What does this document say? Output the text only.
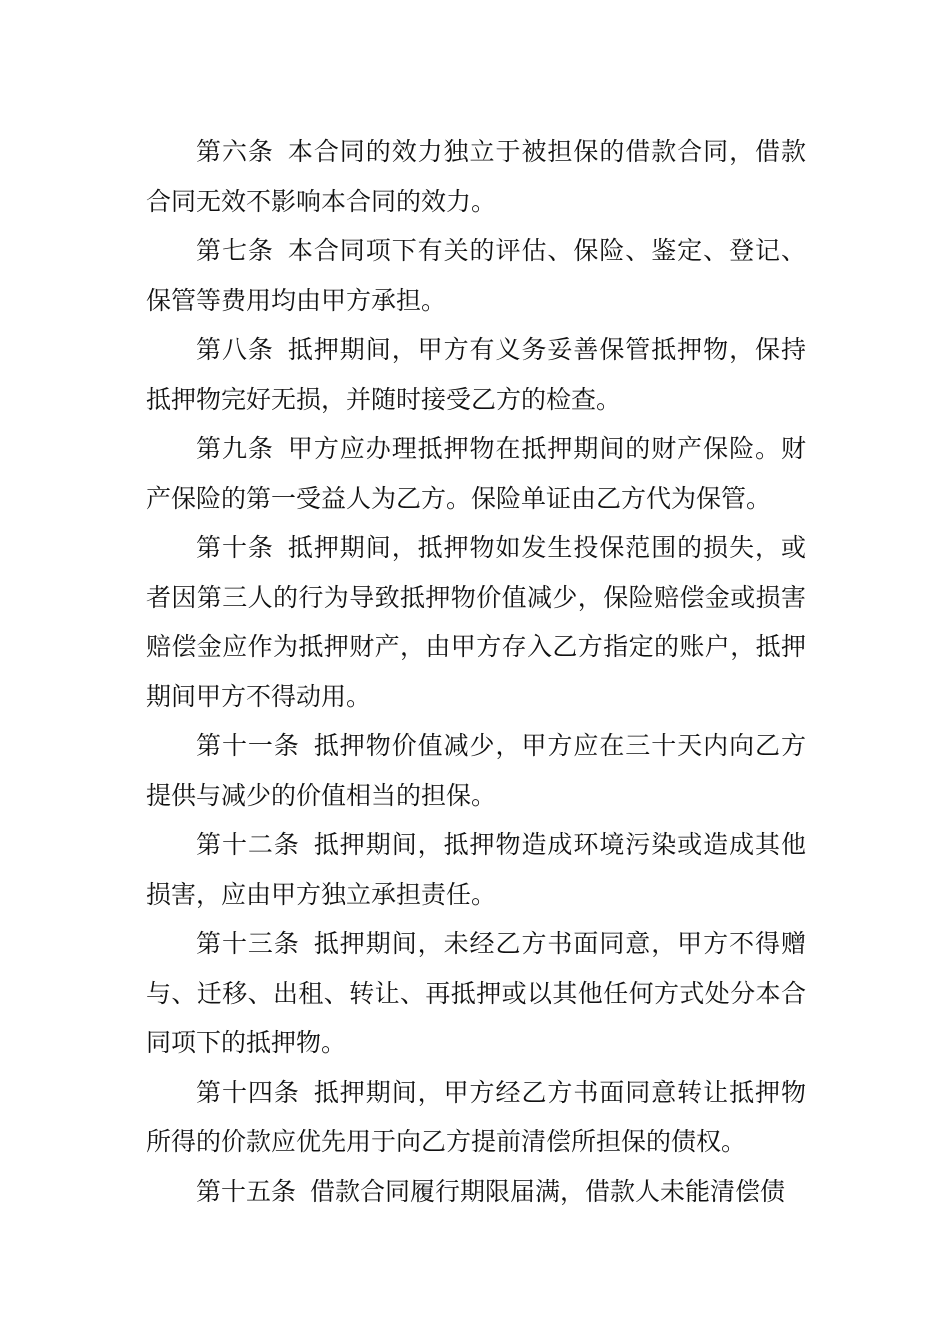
第六条 本合同的效力独立于被担保的借款合同，借款合同无效不影响本合同的效力。

第七条 本合同项下有关的评估、保险、鉴定、登记、保管等费用均由甲方承担。

第八条 抵押期间，甲方有义务妥善保管抵押物，保持抵押物完好无损，并随时接受乙方的检查。

第九条 甲方应办理抵押物在抵押期间的财产保险。财产保险的第一受益人为乙方。保险单证由乙方代为保管。

第十条 抵押期间，抵押物如发生投保范围的损失，或者因第三人的行为导致抵押物价值减少，保险赔偿金或损害赔偿金应作为抵押财产，由甲方存入乙方指定的账户，抵押期间甲方不得动用。

第十一条 抵押物价值减少，甲方应在三十天内向乙方提供与减少的价值相当的担保。

第十二条 抵押期间，抵押物造成环境污染或造成其他损害，应由甲方独立承担责任。

第十三条 抵押期间，未经乙方书面同意，甲方不得赠与、迁移、出租、转让、再抵押或以其他任何方式处分本合同项下的抵押物。

第十四条 抵押期间，甲方经乙方书面同意转让抵押物所得的价款应优先用于向乙方提前清偿所担保的债权。

第十五条 借款合同履行期限届满，借款人未能清偿债
